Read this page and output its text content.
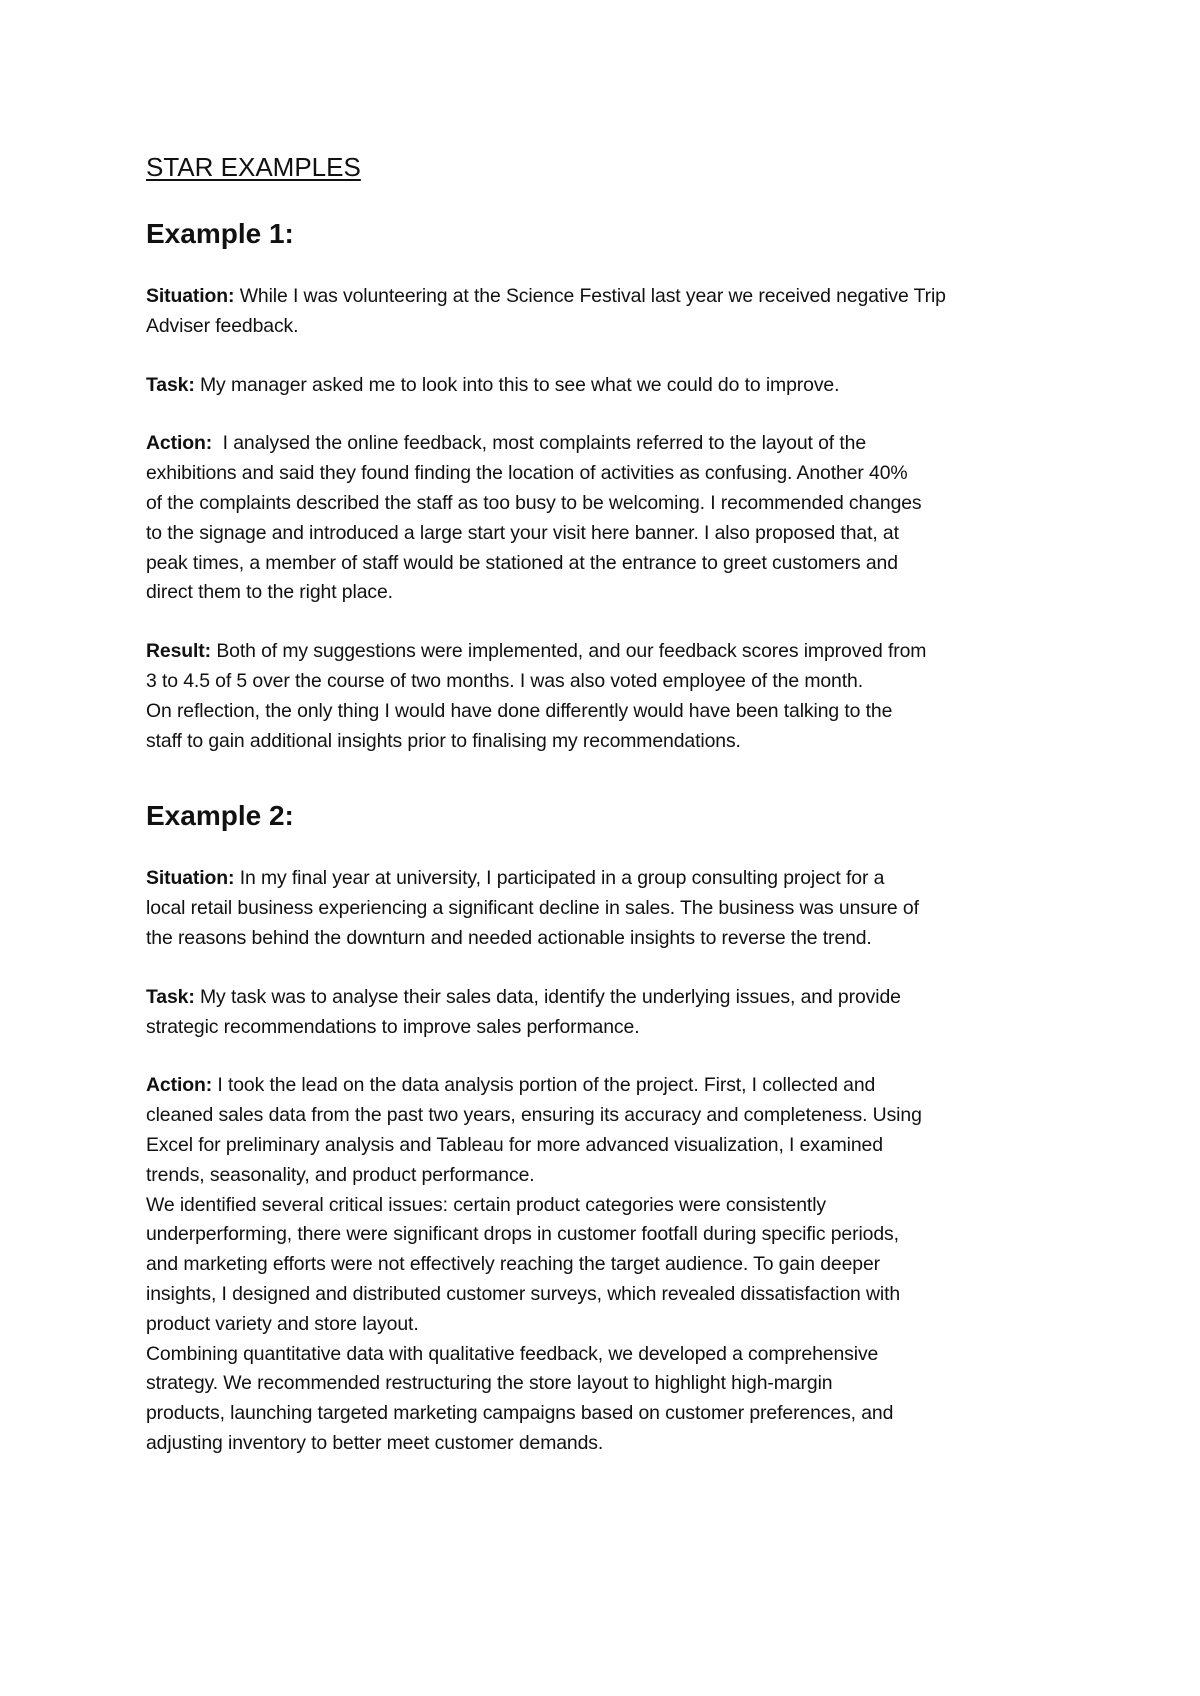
STAR EXAMPLES
Example 1:

Situation: While I was volunteering at the Science Festival last year we received negative Trip
Adviser feedback.

Task: My manager asked me to look into this to see what we could do to improve.

Action:  I analysed the online feedback, most complaints referred to the layout of the
exhibitions and said they found finding the location of activities as confusing. Another 40%
of the complaints described the staff as too busy to be welcoming. I recommended changes
to the signage and introduced a large start your visit here banner. I also proposed that, at
peak times, a member of staff would be stationed at the entrance to greet customers and
direct them to the right place.

Result: Both of my suggestions were implemented, and our feedback scores improved from
3 to 4.5 of 5 over the course of two months. I was also voted employee of the month.
On reflection, the only thing I would have done differently would have been talking to the
staff to gain additional insights prior to finalising my recommendations.

Example 2:

Situation: In my final year at university, I participated in a group consulting project for a
local retail business experiencing a significant decline in sales. The business was unsure of
the reasons behind the downturn and needed actionable insights to reverse the trend.

Task: My task was to analyse their sales data, identify the underlying issues, and provide
strategic recommendations to improve sales performance.

Action: I took the lead on the data analysis portion of the project. First, I collected and
cleaned sales data from the past two years, ensuring its accuracy and completeness. Using
Excel for preliminary analysis and Tableau for more advanced visualization, I examined
trends, seasonality, and product performance.
We identified several critical issues: certain product categories were consistently
underperforming, there were significant drops in customer footfall during specific periods,
and marketing efforts were not effectively reaching the target audience. To gain deeper
insights, I designed and distributed customer surveys, which revealed dissatisfaction with
product variety and store layout.
Combining quantitative data with qualitative feedback, we developed a comprehensive
strategy. We recommended restructuring the store layout to highlight high-margin
products, launching targeted marketing campaigns based on customer preferences, and
adjusting inventory to better meet customer demands.
